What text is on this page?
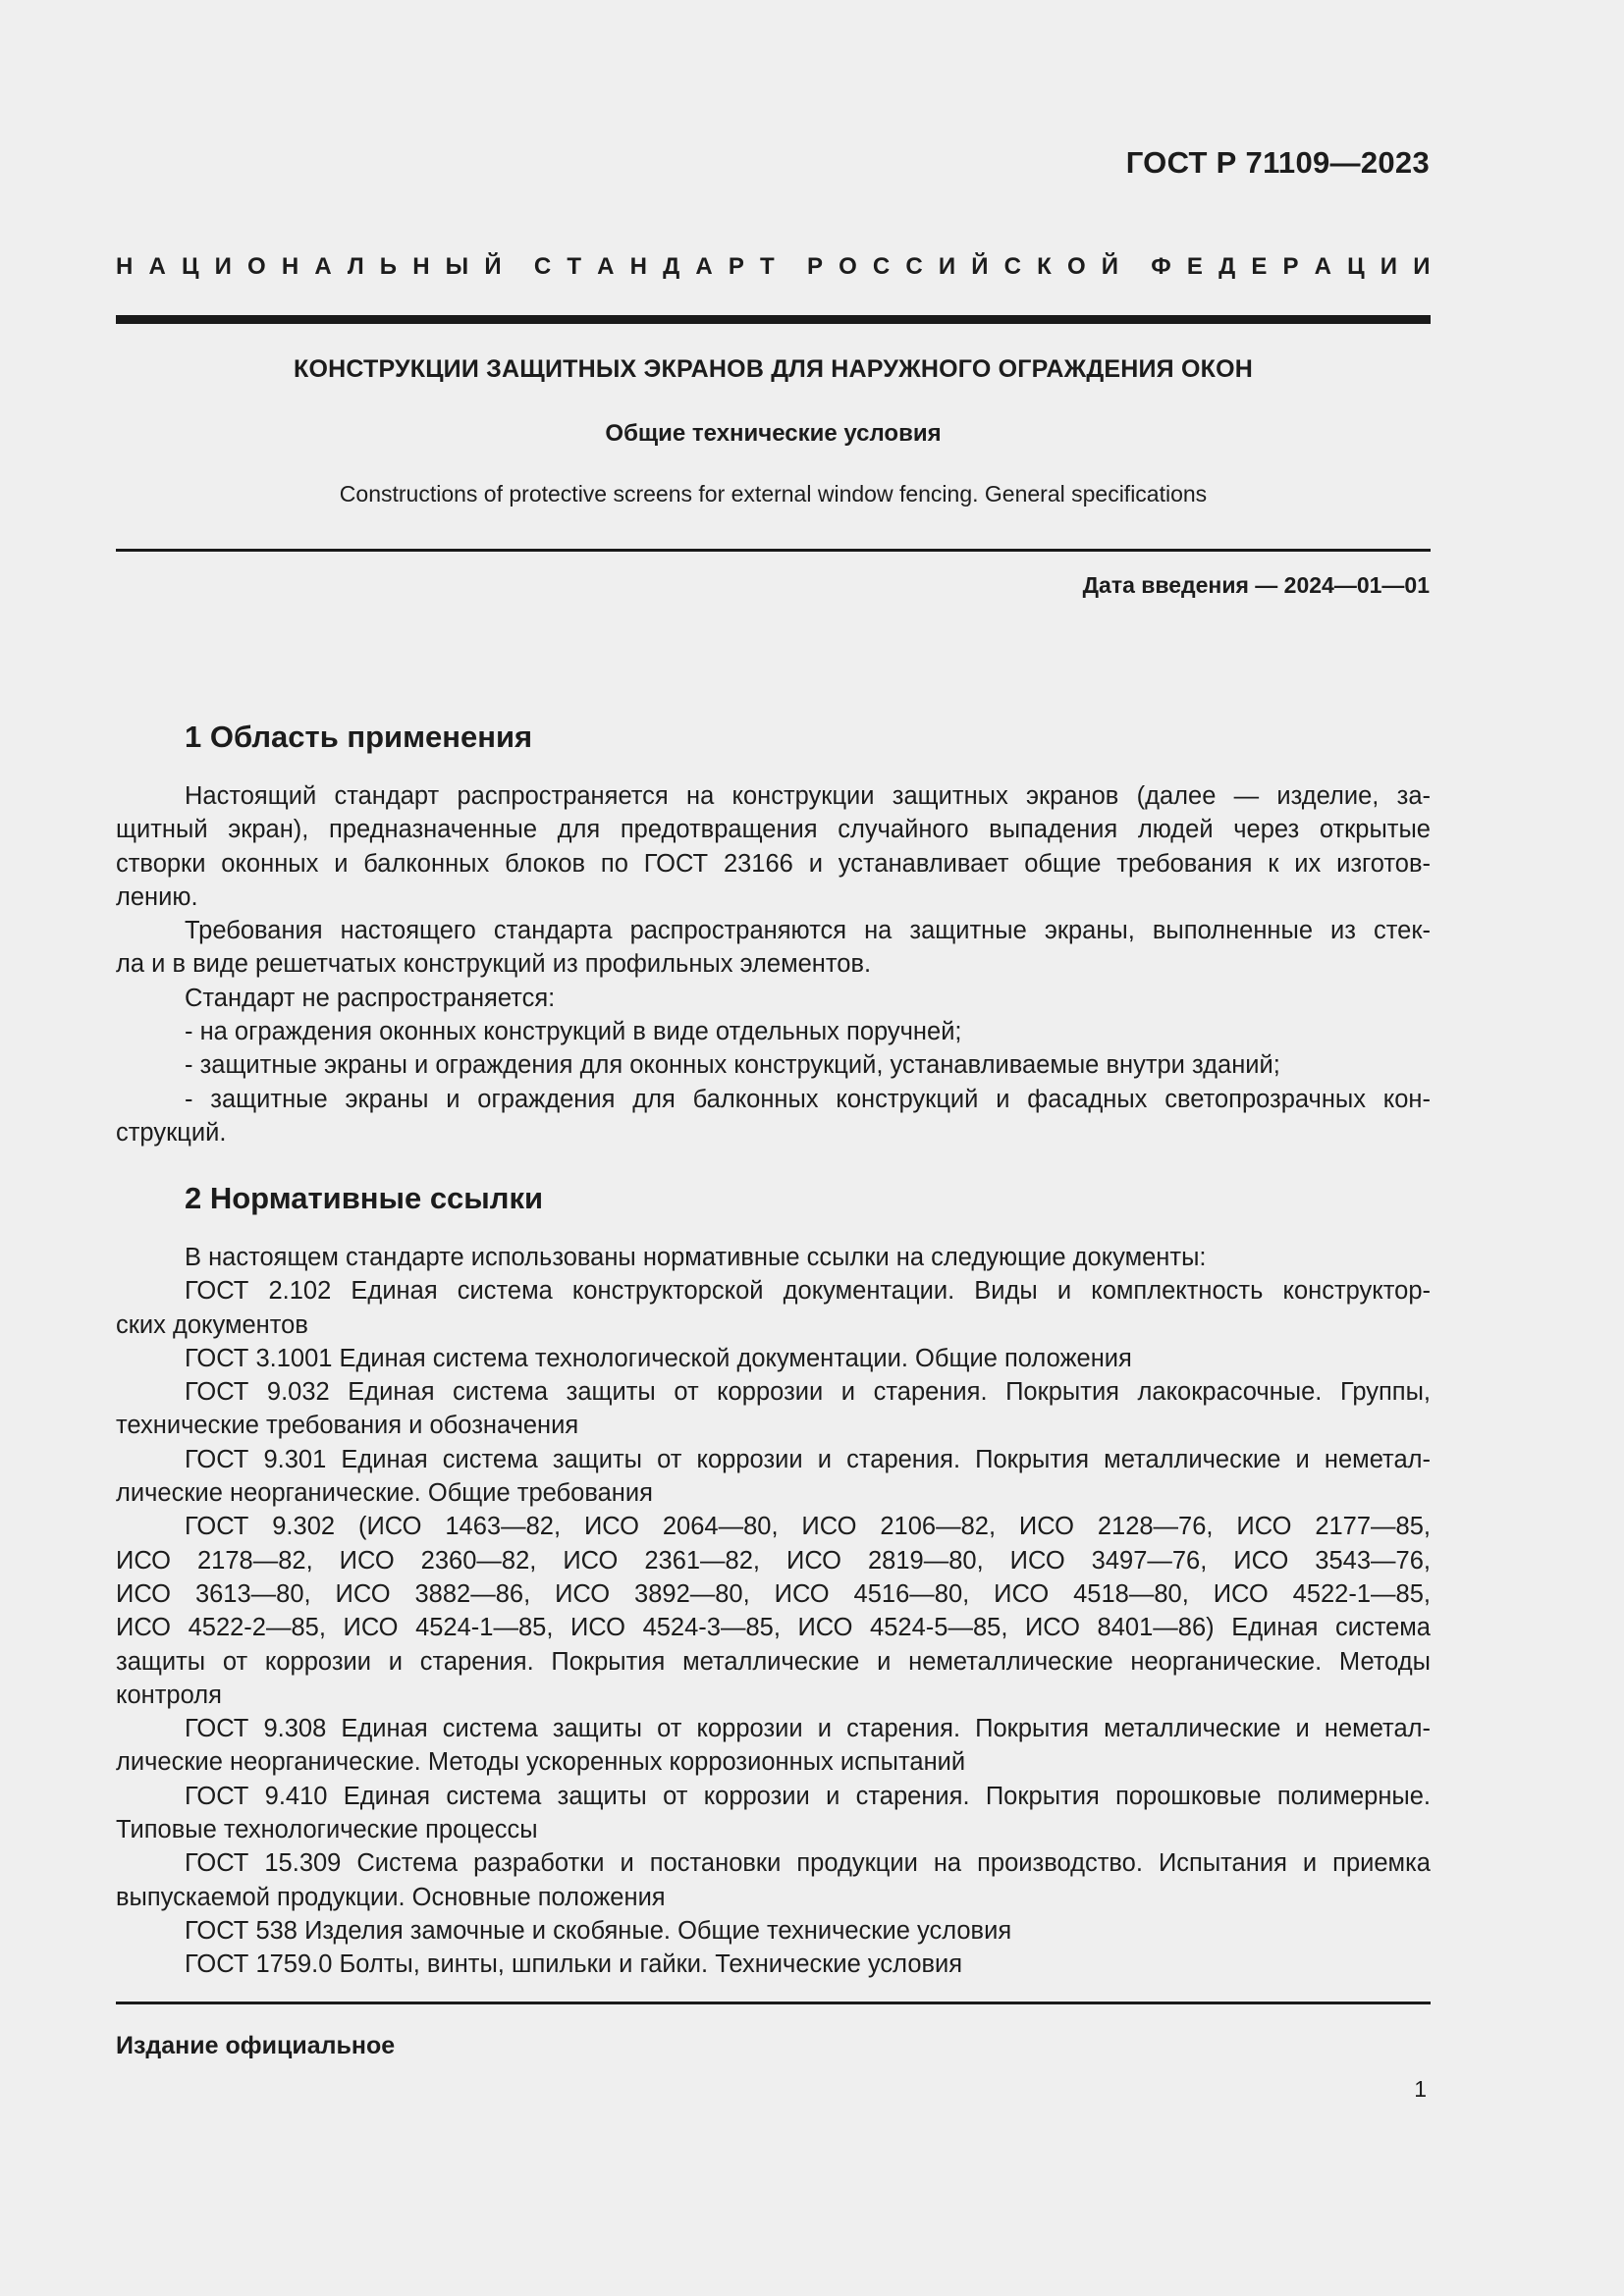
ГОСТ Р 71109—2023
Н А Ц И О Н А Л Ь Н Ы Й С Т А Н Д А Р Т Р О С С И Й С К О Й Ф Е Д Е Р А Ц И И
КОНСТРУКЦИИ ЗАЩИТНЫХ ЭКРАНОВ ДЛЯ НАРУЖНОГО ОГРАЖДЕНИЯ ОКОН
Общие технические условия
Constructions of protective screens for external window fencing. General specifications
Дата введения — 2024—01—01
1 Область применения
Настоящий стандарт распространяется на конструкции защитных экранов (далее — изделие, за-
щитный экран), предназначенные для предотвращения случайного выпадения людей через открытые
створки оконных и балконных блоков по ГОСТ 23166 и устанавливает общие требования к их изготов-
лению.
Требования настоящего стандарта распространяются на защитные экраны, выполненные из стек-
ла и в виде решетчатых конструкций из профильных элементов.
Стандарт не распространяется:
- на ограждения оконных конструкций в виде отдельных поручней;
- защитные экраны и ограждения для оконных конструкций, устанавливаемые внутри зданий;
- защитные экраны и ограждения для балконных конструкций и фасадных светопрозрачных кон-
струкций.
2 Нормативные ссылки
В настоящем стандарте использованы нормативные ссылки на следующие документы:
ГОСТ 2.102 Единая система конструкторской документации. Виды и комплектность конструктор-
ских документов
ГОСТ 3.1001 Единая система технологической документации. Общие положения
ГОСТ 9.032 Единая система защиты от коррозии и старения. Покрытия лакокрасочные. Группы,
технические требования и обозначения
ГОСТ 9.301 Единая система защиты от коррозии и старения. Покрытия металлические и неметал-
лические неорганические. Общие требования
ГОСТ 9.302 (ИСО 1463—82, ИСО 2064—80, ИСО 2106—82, ИСО 2128—76, ИСО 2177—85,
ИСО 2178—82, ИСО 2360—82, ИСО 2361—82, ИСО 2819—80, ИСО 3497—76, ИСО 3543—76,
ИСО 3613—80, ИСО 3882—86, ИСО 3892—80, ИСО 4516—80, ИСО 4518—80, ИСО 4522-1—85,
ИСО 4522-2—85, ИСО 4524-1—85, ИСО 4524-3—85, ИСО 4524-5—85, ИСО 8401—86) Единая система
защиты от коррозии и старения. Покрытия металлические и неметаллические неорганические. Методы
контроля
ГОСТ 9.308 Единая система защиты от коррозии и старения. Покрытия металлические и неметал-
лические неорганические. Методы ускоренных коррозионных испытаний
ГОСТ 9.410 Единая система защиты от коррозии и старения. Покрытия порошковые полимерные.
Типовые технологические процессы
ГОСТ 15.309 Система разработки и постановки продукции на производство. Испытания и приемка
выпускаемой продукции. Основные положения
ГОСТ 538 Изделия замочные и скобяные. Общие технические условия
ГОСТ 1759.0 Болты, винты, шпильки и гайки. Технические условия
Издание официальное
1
